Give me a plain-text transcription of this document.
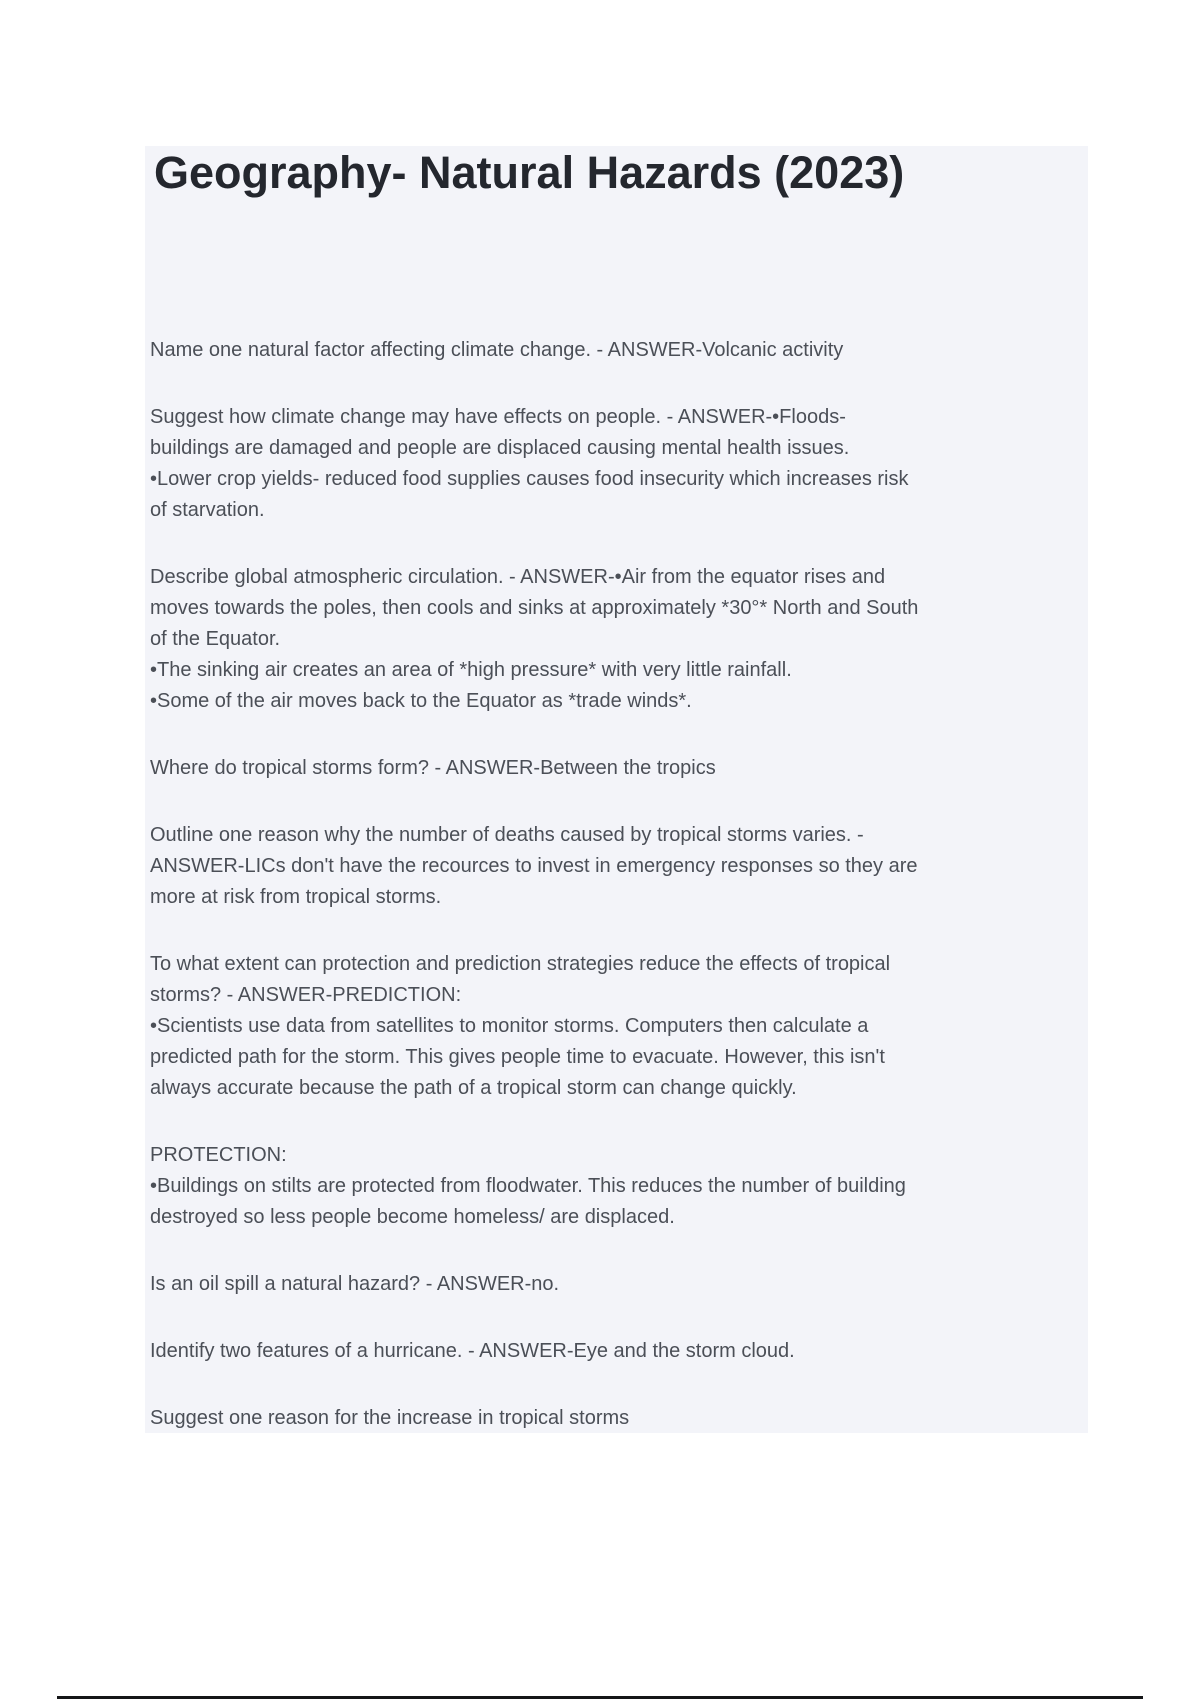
Geography- Natural Hazards (2023)

Name one natural factor affecting climate change. - ANSWER-Volcanic activity

Suggest how climate change may have effects on people. - ANSWER-•Floods-
buildings are damaged and people are displaced causing mental health issues.
•Lower crop yields- reduced food supplies causes food insecurity which increases risk
of starvation.

Describe global atmospheric circulation. - ANSWER-•Air from the equator rises and
moves towards the poles, then cools and sinks at approximately *30°* North and South
of the Equator.
•The sinking air creates an area of *high pressure* with very little rainfall.
•Some of the air moves back to the Equator as *trade winds*.

Where do tropical storms form? - ANSWER-Between the tropics

Outline one reason why the number of deaths caused by tropical storms varies. -
ANSWER-LICs don't have the recources to invest in emergency responses so they are
more at risk from tropical storms.

To what extent can protection and prediction strategies reduce the effects of tropical
storms? - ANSWER-PREDICTION:
•Scientists use data from satellites to monitor storms. Computers then calculate a
predicted path for the storm. This gives people time to evacuate. However, this isn't
always accurate because the path of a tropical storm can change quickly.

PROTECTION:
•Buildings on stilts are protected from floodwater. This reduces the number of building
destroyed so less people become homeless/ are displaced.

Is an oil spill a natural hazard? - ANSWER-no.

Identify two features of a hurricane. - ANSWER-Eye and the storm cloud.

Suggest one reason for the increase in tropical storms
